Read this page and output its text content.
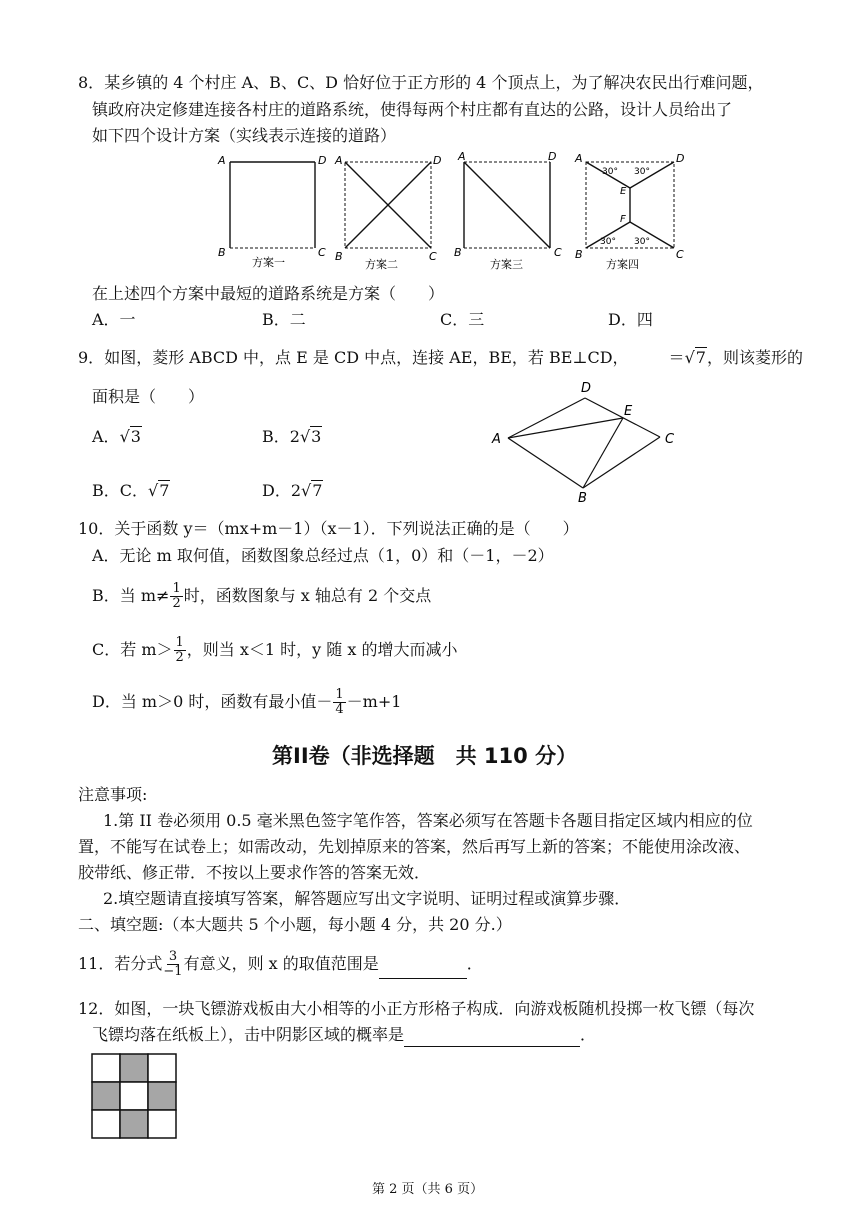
8．某乡镇的 4 个村庄 A、B、C、D 恰好位于正方形的 4 个顶点上，为了解决农民出行难问题，
镇政府决定修建连接各村庄的道路系统，使得每两个村庄都有直达的公路，设计人员给出了
如下四个设计方案（实线表示连接的道路）
A	D
B	C
方案一
A	D
B	C
方案二
A	D
B	C
方案三
A	D
B	C
E
F
30° 30°
30° 30°
方案四
在上述四个方案中最短的道路系统是方案（　　）
A．一	B．二	C．三	D．四
9．如图，菱形 ABCD 中，点 E 是 CD 中点，连接 AE，BE，若 BE⊥CD，	＝√7，则该菱形的
面积是（　　）
A．√3	B．2√3
B．C．√7	D．2√7
A
B
C
D
E
10．关于函数 y＝（mx+m－1）（x－1）．下列说法正确的是（　　）
A．无论 m 取何值，函数图象总经过点（1，0）和（－1，－2）
B．当 $m\ne \frac{1}{2}$ 时，函数图象与 x 轴总有 2 个交点
C．若 $m> \frac{1}{2}$ ，则当 x＜1 时，y 随 x 的增大而减小
D．当 m＞0 时，函数有最小值－ $\frac{1}{4} -m+1$
第II卷（非选择题　共 110 分）
注意事项:
1.第 II 卷必须用 0.5 毫米黑色签字笔作答，答案必须写在答题卡各题目指定区域内相应的位
置，不能写在试卷上；如需改动，先划掉原来的答案，然后再写上新的答案；不能使用涂改液、
胶带纸、修正带．不按以上要求作答的答案无效．
2.填空题请直接填写答案，解答题应写出文字说明、证明过程或演算步骤．
二、填空题:（本大题共 5 个小题，每小题 4 分，共 20 分.）
11．若分式 $\frac{3}{-1}$ 有意义，则 x 的取值范围是	．
12．如图，一块飞镖游戏板由大小相等的小正方形格子构成．向游戏板随机投掷一枚飞镖（每次
飞镖均落在纸板上），击中阴影区域的概率是	．
第 2 页（共 6 页）
